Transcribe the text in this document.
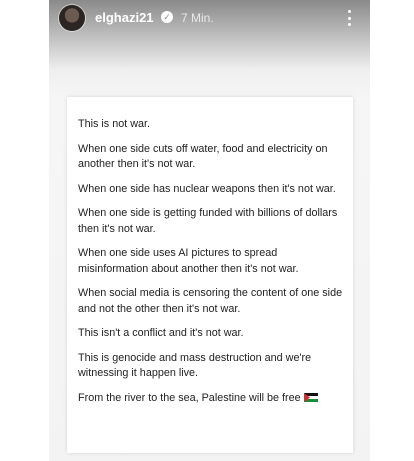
elghazi21 ✓ 7 Min.

This is not war.

When one side cuts off water, food and electricity on another then it's not war.

When one side has nuclear weapons then it's not war.

When one side is getting funded with billions of dollars then it's not war.

When one side uses AI pictures to spread misinformation about another then it's not war.

When social media is censoring the content of one side and not the other then it's not war.

This isn't a conflict and it's not war.

This is genocide and mass destruction and we're witnessing it happen live.

From the river to the sea, Palestine will be free
